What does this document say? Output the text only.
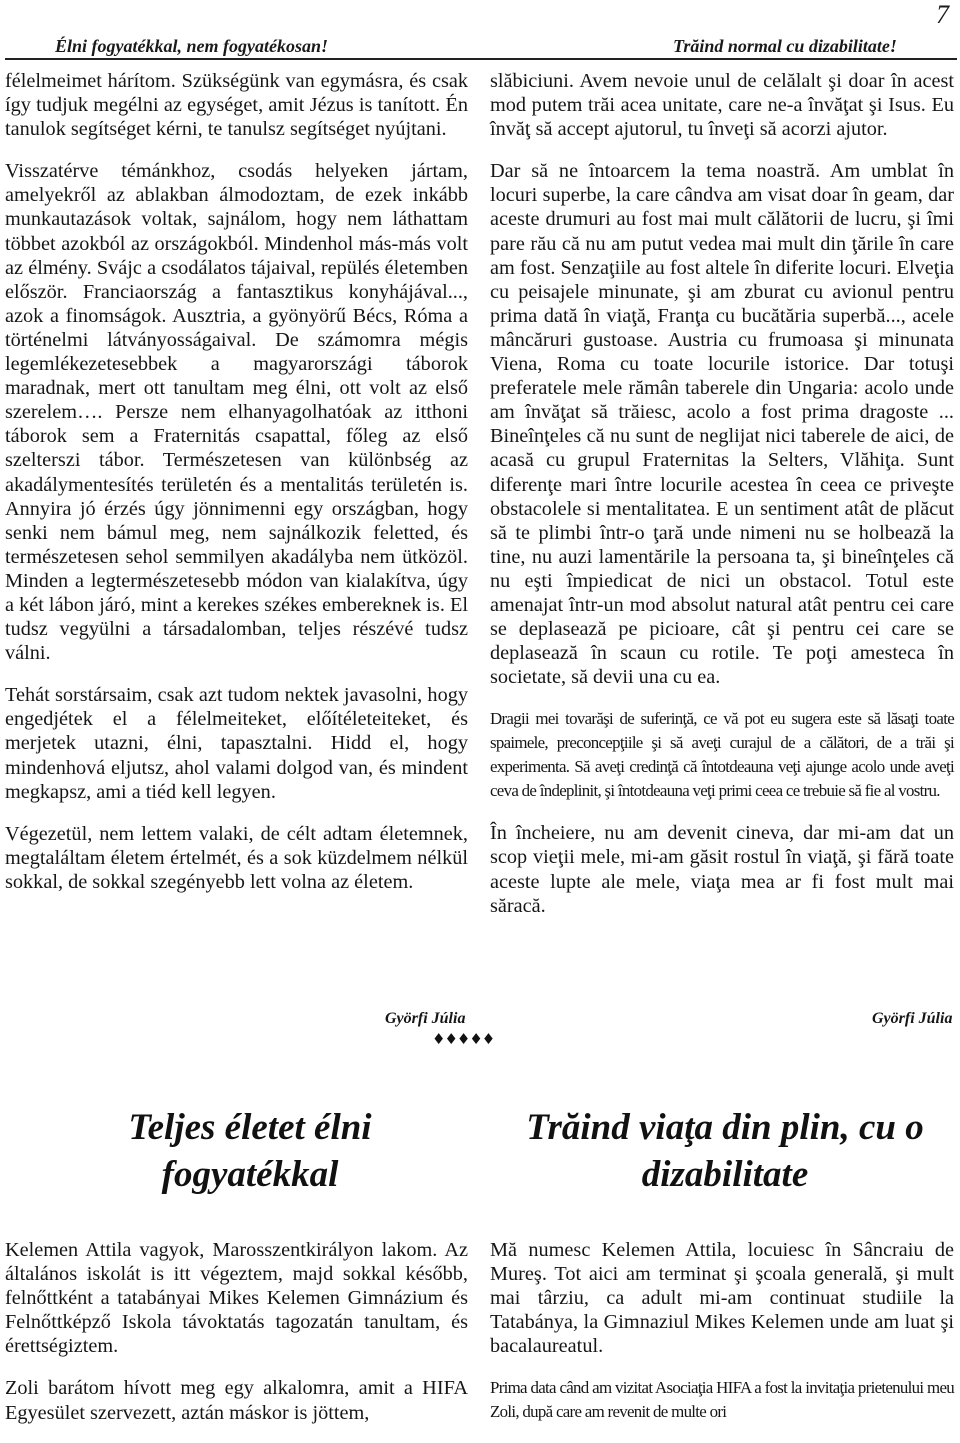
Élni fogyatékkal, nem fogyatékosan!	Trăind normal cu dizabilitate!
7

félelmeimet hárítom. Szükségünk van egymásra, és csak így tudjuk megélni az egységet, amit Jézus is tanított. Én tanulok segítséget kérni, te tanulsz segítséget nyújtani.

Visszatérve témánkhoz, csodás helyeken jártam, amelyekről az ablakban álmodoztam, de ezek inkább munkautazások voltak, sajnálom, hogy nem láthattam többet azokból az országokból. Mindenhol más-más volt az élmény. Svájc a csodálatos tájaival, repülés életemben először. Franciaország a fantasztikus konyhájával..., azok a finomságok. Ausztria, a gyönyörű Bécs, Róma a történelmi látványosságaival. De számomra mégis legemlékezetesebbek a magyarországi táborok maradnak, mert ott tanultam meg élni, ott volt az első szerelem…. Persze nem elhanyagolhatóak az itthoni táborok sem a Fraternitás csapattal, főleg az első szelterszi tábor. Természetesen van különbség az akadálymentesítés területén és a mentalitás területén is. Annyira jó érzés úgy jönnimenni egy országban, hogy senki nem bámul meg, nem sajnálkozik feletted, és természetesen sehol semmilyen akadályba nem ütközöl. Minden a legtermészetesebb módon van kialakítva, úgy a két lábon járó, mint a kerekes székes embereknek is. El tudsz vegyülni a társadalomban, teljes részévé tudsz válni.

Tehát sorstársaim, csak azt tudom nektek javasolni, hogy engedjétek el a félelmeiteket, előítéleteiteket, és merjetek utazni, élni, tapasztalni. Hidd el, hogy mindenhová eljutsz, ahol valami dolgod van, és mindent megkapsz, ami a tiéd kell legyen.

Végezetül, nem lettem valaki, de célt adtam életemnek, megtaláltam életem értelmét, és a sok küzdelmem nélkül sokkal, de sokkal szegényebb lett volna az életem.

slăbiciuni. Avem nevoie unul de celălalt şi doar în acest mod putem trăi acea unitate, care ne-a învăţat şi Isus. Eu învăţ să accept ajutorul, tu înveţi să acorzi ajutor.

Dar să ne întoarcem la tema noastră. Am umblat în locuri superbe, la care cândva am visat doar în geam, dar aceste drumuri au fost mai mult călătorii de lucru, şi îmi pare rău că nu am putut vedea mai mult din ţările în care am fost. Senzaţiile au fost altele în diferite locuri. Elveţia cu peisajele minunate, şi am zburat cu avionul pentru prima dată în viaţă, Franţa cu bucătăria superbă..., acele mâncăruri gustoase. Austria cu frumoasa şi minunata Viena, Roma cu toate locurile istorice. Dar totuşi preferatele mele rămân taberele din Ungaria: acolo unde am învăţat să trăiesc, acolo a fost prima dragoste ... Bineînţeles că nu sunt de neglijat nici taberele de aici, de acasă cu grupul Fraternitas la Selters, Vlăhiţa. Sunt diferenţe mari între locurile acestea în ceea ce priveşte obstacolele si mentalitatea. E un sentiment atât de plăcut să te plimbi într-o ţară unde nimeni nu se holbează la tine, nu auzi lamentările la persoana ta, şi bineînţeles că nu eşti împiedicat de nici un obstacol. Totul este amenajat într-un mod absolut natural atât pentru cei care se deplasează pe picioare, cât şi pentru cei care se deplasează în scaun cu rotile. Te poţi amesteca în societate, să devii una cu ea.

Dragii mei tovarăşi de suferinţă, ce vă pot eu sugera este să lăsaţi toate spaimele, preconcepţiile şi să aveţi curajul de a călători, de a trăi şi experimenta. Să aveţi credinţă că întotdeauna veţi ajunge acolo unde aveţi ceva de îndeplinit, şi întotdeauna veţi primi ceea ce trebuie să fie al vostru.

În încheiere, nu am devenit cineva, dar mi-am dat un scop vieţii mele, mi-am găsit rostul în viaţă, şi fără toate aceste lupte ale mele, viaţa mea ar fi fost mult mai săracă.

Györfi Júlia	Györfi Júlia
♦♦♦♦♦
Teljes életet élni
fogyatékkal
Trăind viaţa din plin, cu o
dizabilitate

Kelemen Attila vagyok, Marosszentkirályon lakom. Az általános iskolát is itt végeztem, majd sokkal később, felnőttként a tatabányai Mikes Kelemen Gimnázium és Felnőttképző Iskola távoktatás tagozatán tanultam, és érettségiztem.

Zoli barátom hívott meg egy alkalomra, amit a HIFA Egyesület szervezett, aztán máskor is jöttem,

Mă numesc Kelemen Attila, locuiesc în Sâncraiu de Mureş. Tot aici am terminat şi şcoala generală, şi mult mai târziu, ca adult mi-am continuat studiile la Tatabánya, la Gimnaziul Mikes Kelemen unde am luat şi bacalaureatul.

Prima data când am vizitat Asociaţia HIFA a fost la invitaţia prietenului meu Zoli, după care am revenit de multe ori
